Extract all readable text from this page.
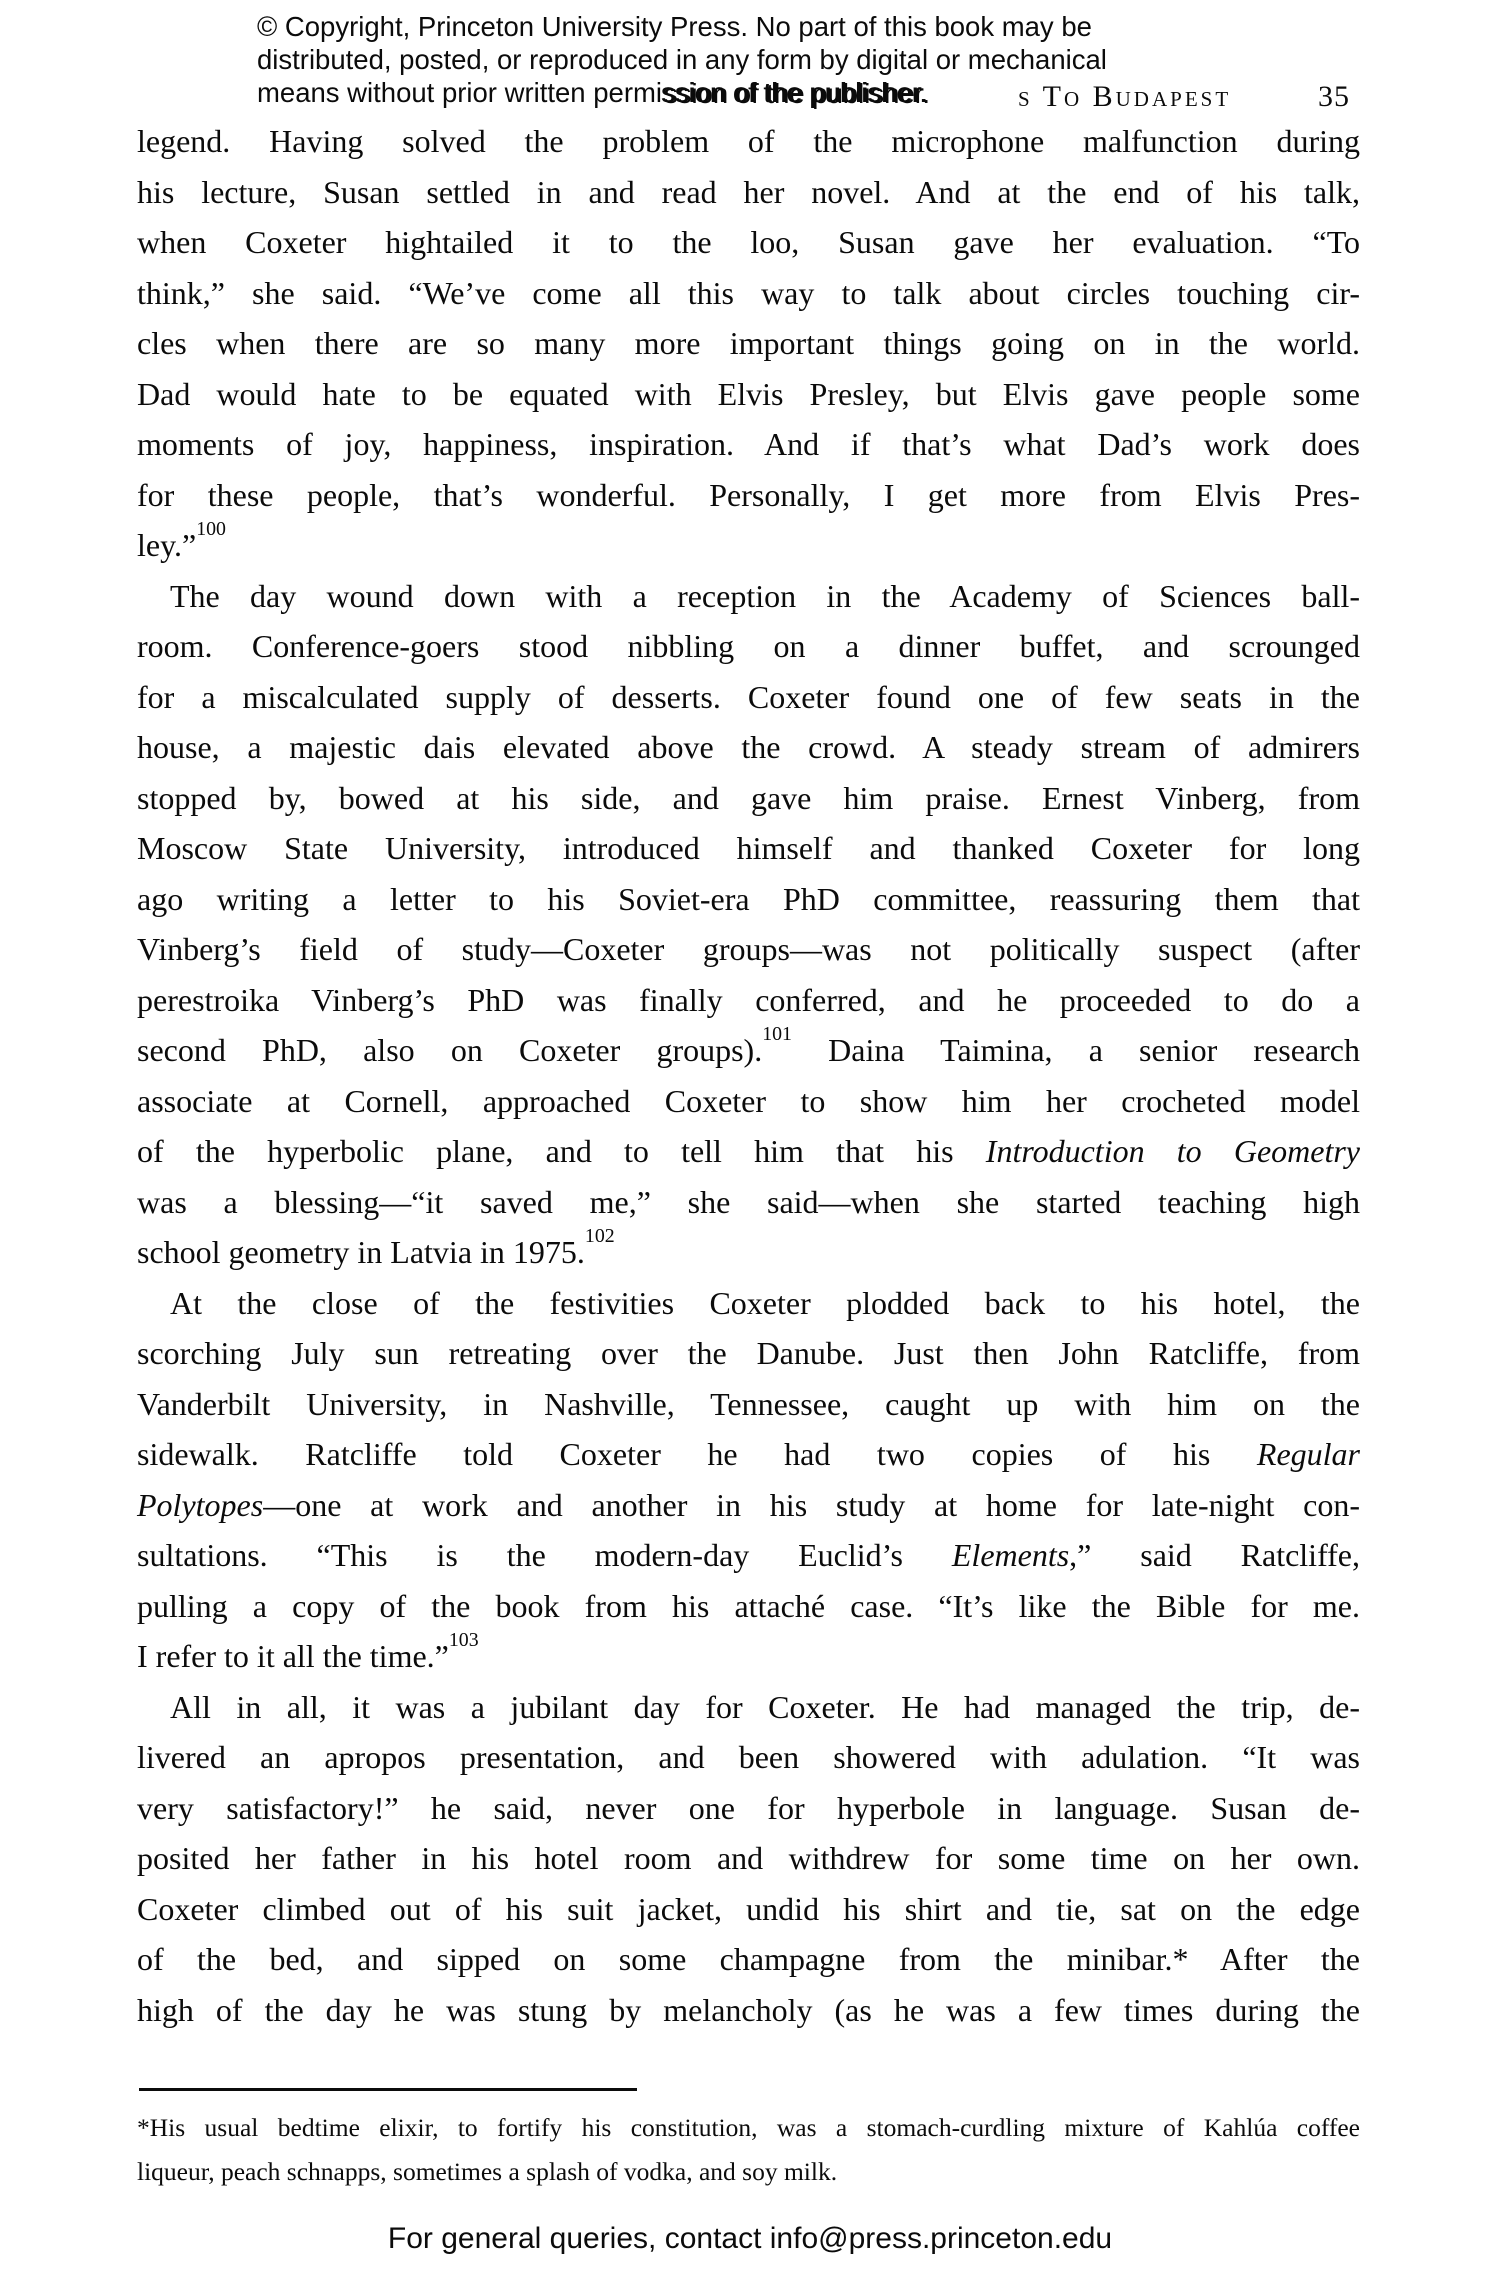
s To Budapest	35
© Copyright, Princeton University Press. No part of this book may be
distributed, posted, or reproduced in any form by digital or mechanical
means without prior written permission of the publisher.
legend. Having solved the problem of the microphone malfunction during
his lecture, Susan settled in and read her novel. And at the end of his talk,
when Coxeter hightailed it to the loo, Susan gave her evaluation. “To
think,” she said. “We’ve come all this way to talk about circles touching cir-
cles when there are so many more important things going on in the world.
Dad would hate to be equated with Elvis Presley, but Elvis gave people some
moments of joy, happiness, inspiration. And if that’s what Dad’s work does
for these people, that’s wonderful. Personally, I get more from Elvis Pres-
ley.”$^{100}$
The day wound down with a reception in the Academy of Sciences ball-
room. Conference-goers stood nibbling on a dinner buffet, and scrounged
for a miscalculated supply of desserts. Coxeter found one of few seats in the
house, a majestic dais elevated above the crowd. A steady stream of admirers
stopped by, bowed at his side, and gave him praise. Ernest Vinberg, from
Moscow State University, introduced himself and thanked Coxeter for long
ago writing a letter to his Soviet-era PhD committee, reassuring them that
Vinberg’s field of study—Coxeter groups—was not politically suspect (after
perestroika Vinberg’s PhD was finally conferred, and he proceeded to do a
second PhD, also on Coxeter groups).$^{101}$ Daina Taimina, a senior research
associate at Cornell, approached Coxeter to show him her crocheted model
of the hyperbolic plane, and to tell him that his Introduction to Geometry
was a blessing—“it saved me,” she said—when she started teaching high
school geometry in Latvia in 1975.$^{102}$
At the close of the festivities Coxeter plodded back to his hotel, the
scorching July sun retreating over the Danube. Just then John Ratcliffe, from
Vanderbilt University, in Nashville, Tennessee, caught up with him on the
sidewalk. Ratcliffe told Coxeter he had two copies of his Regular
Polytopes—one at work and another in his study at home for late-night con-
sultations. “This is the modern-day Euclid’s Elements,” said Ratcliffe,
pulling a copy of the book from his attaché case. “It’s like the Bible for me.
I refer to it all the time.”$^{103}$
All in all, it was a jubilant day for Coxeter. He had managed the trip, de-
livered an apropos presentation, and been showered with adulation. “It was
very satisfactory!” he said, never one for hyperbole in language. Susan de-
posited her father in his hotel room and withdrew for some time on her own.
Coxeter climbed out of his suit jacket, undid his shirt and tie, sat on the edge
of the bed, and sipped on some champagne from the minibar.* After the
high of the day he was stung by melancholy (as he was a few times during the
*His usual bedtime elixir, to fortify his constitution, was a stomach-curdling mixture of Kahlúa coffee
liqueur, peach schnapps, sometimes a splash of vodka, and soy milk.
For general queries, contact info@press.princeton.edu
